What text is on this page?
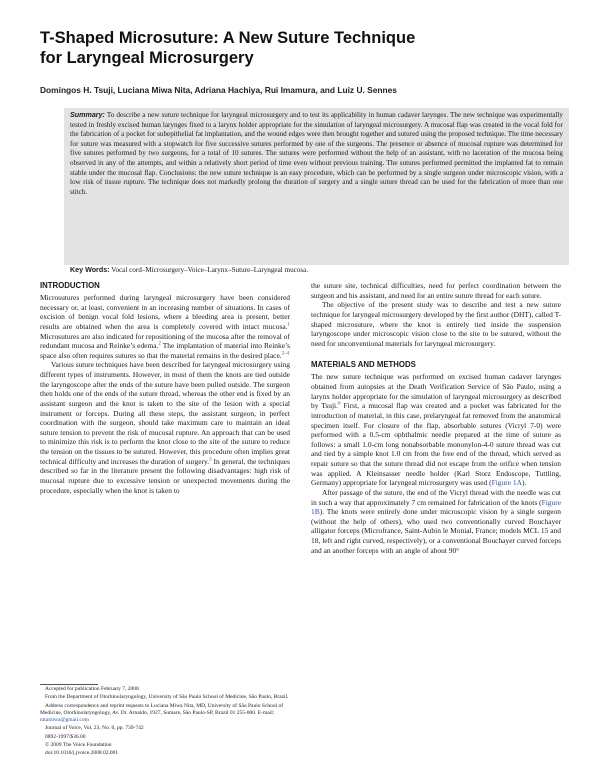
T-Shaped Microsuture: A New Suture Technique
for Laryngeal Microsurgery
Domingos H. Tsuji, Luciana Miwa Nita, Adriana Hachiya, Rui Imamura, and Luiz U. Sennes
Summary: To describe a new suture technique for laryngeal microsurgery and to test its applicability in human cadaver larynges. The new technique was experimentally tested in freshly excised human larynges fixed to a larynx holder appropriate for the simulation of laryngeal microsurgery. A mucosal flap was created in the vocal fold for the fabrication of a pocket for subepithelial fat implantation, and the wound edges were then brought together and sutured using the proposed technique. The time necessary for suture was measured with a stopwatch for five successive sutures performed by one of the surgeons. The presence or absence of mucosal rupture was determined for five sutures performed by two surgeons, for a total of 10 sutures. The sutures were performed without the help of an assistant, with no laceration of the mucosa being observed in any of the attempts, and within a relatively short period of time even without previous training. The sutures performed permitted the implanted fat to remain stable under the mucosal flap. Conclusions: the new suture technique is an easy procedure, which can be performed by a single surgeon under microscopic vision, with a low risk of tissue rupture. The technique does not markedly prolong the duration of surgery and a single suture thread can be used for the fabrication of more than one stitch.
Key Words: Vocal cord–Microsurgery–Voice–Larynx–Suture–Laryngeal mucosa.
INTRODUCTION

Microsutures performed during laryngeal microsurgery have been considered necessary or, at least, convenient in an increasing number of situations. In cases of excision of benign vocal fold lesions, where a bleeding area is present, better results are obtained when the area is completely covered with intact mucosa.$^1$ Microsutures are also indicated for repositioning of the mucosa after the removal of redundant mucosa and Reinke’s edema.$^2$ The implantation of material into Reinke’s space also often requires sutures so that the material remains in the desired place.$^{2-4}$

Various suture techniques have been described for laryngeal microsurgery using different types of instruments. However, in most of them the knots are tied outside the laryngoscope after the ends of the suture have been pulled outside. The surgeon then holds one of the ends of the suture thread, whereas the other end is fixed by an assistant surgeon and the knot is taken to the site of the lesion with a special instrument or forceps. During all these steps, the assistant surgeon, in perfect coordination with the surgeon, should take maximum care to maintain an ideal suture tension to prevent the risk of mucosal rupture. An approach that can be used to minimize this risk is to perform the knot close to the site of the suture to reduce the tension on the tissues to be sutured. However, this procedure often implies great technical difficulty and increases the duration of surgery.$^3$ In general, the techniques described so far in the literature present the following disadvantages: high risk of mucosal rupture due to excessive tension or unexpected movements during the procedure, especially when the knot is taken to

the suture site, technical difficulties, need for perfect coordination between the surgeon and his assistant, and need for an entire suture thread for each suture.

The objective of the present study was to describe and test a new suture technique for laryngeal microsurgery developed by the first author (DHT), called T-shaped microsuture, where the knot is entirely tied inside the suspension laryngoscope under microscopic vision close to the site to be sutured, without the need for unconventional materials for laryngeal microsurgery.

MATERIALS AND METHODS

The new suture technique was performed on excised human cadaver larynges obtained from autopsies at the Death Verification Service of São Paulo, using a larynx holder appropriate for the simulation of laryngeal microsurgery as described by Tsuji.$^6$ First, a mucosal flap was created and a pocket was fabricated for the introduction of material, in this case, prelaryngeal fat removed from the anatomical specimen itself. For closure of the flap, absorbable sutures (Vicryl 7-0) were performed with a 0.5-cm ophthalmic needle prepared at the time of suture as follows: a small 1.0-cm long nonabsorbable mononylon-4-0 suture thread was cut and tied by a simple knot 1.0 cm from the free end of the thread, which served as repair suture so that the suture thread did not escape from the orifice when tension was applied. A Kleinsasser needle holder (Karl Storz Endoscope, Tuttling, Germany) appropriate for laryngeal microsurgery was used (Figure 1A).

After passage of the suture, the end of the Vicryl thread with the needle was cut in such a way that approximately 7 cm remained for fabrication of the knots (Figure 1B). The knots were entirely done under microscopic vision by a single surgeon (without the help of others), who used two conventionally curved Bouchayer alligator forceps (Microfrance, Saint-Aubin le Monial, France; models MCL 15 and 18, left and right curved, respectively), or a conventional Bouchayer curved forceps and an another forceps with an angle of about 90°

Accepted for publication February 7, 2008.

From the Department of Otorhinolaryngology, University of São Paulo School of Medicine, São Paulo, Brazil.

Address correspondence and reprint requests to Luciana Miwa Nita, MD, University of São Paulo School of Medicine, Otorhinolaryngology, Av. Dr. Arnaldo, 1927, Sumare, São Paulo-SP, Brazil 01 255-000. E-mail: nitamiwa@gmail.com

Journal of Voice, Vol. 23, No. 6, pp. 739-742

0892-1997/$36.00

© 2009 The Voice Foundation

doi:10.1016/j.jvoice.2008.02.001
